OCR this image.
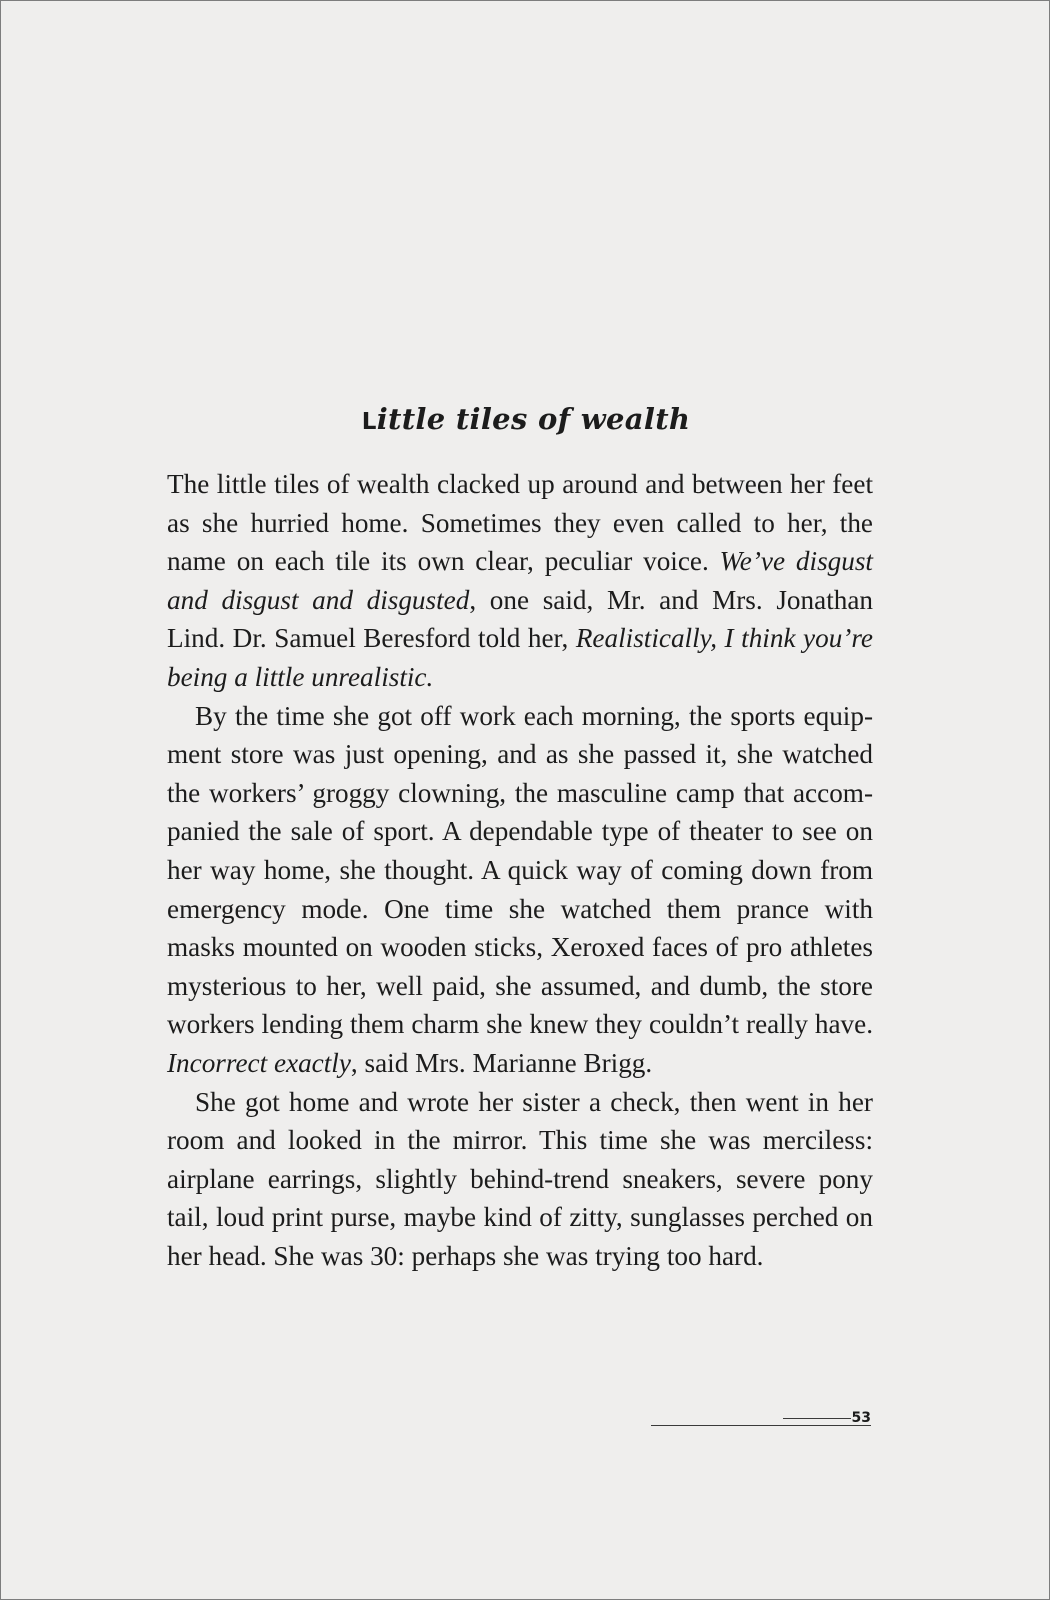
Little tiles of wealth

The little tiles of wealth clacked up around and between her feet as she hurried home. Sometimes they even called to her, the name on each tile its own clear, peculiar voice. We’ve disgust and disgust and disgusted, one said, Mr. and Mrs. Jonathan Lind. Dr. Samuel Beresford told her, Realistically, I think you’re being a little unrealistic.

By the time she got off work each morning, the sports equipment store was just opening, and as she passed it, she watched the workers’ groggy clowning, the masculine camp that accompanied the sale of sport. A dependable type of theater to see on her way home, she thought. A quick way of coming down from emergency mode. One time she watched them prance with masks mounted on wooden sticks, Xeroxed faces of pro athletes mysterious to her, well paid, she assumed, and dumb, the store workers lending them charm she knew they couldn’t really have. Incorrect exactly, said Mrs. Marianne Brigg.

She got home and wrote her sister a check, then went in her room and looked in the mirror. This time she was merciless: airplane earrings, slightly behind-trend sneakers, severe pony tail, loud print purse, maybe kind of zitty, sunglasses perched on her head. She was 30: perhaps she was trying too hard.

53
